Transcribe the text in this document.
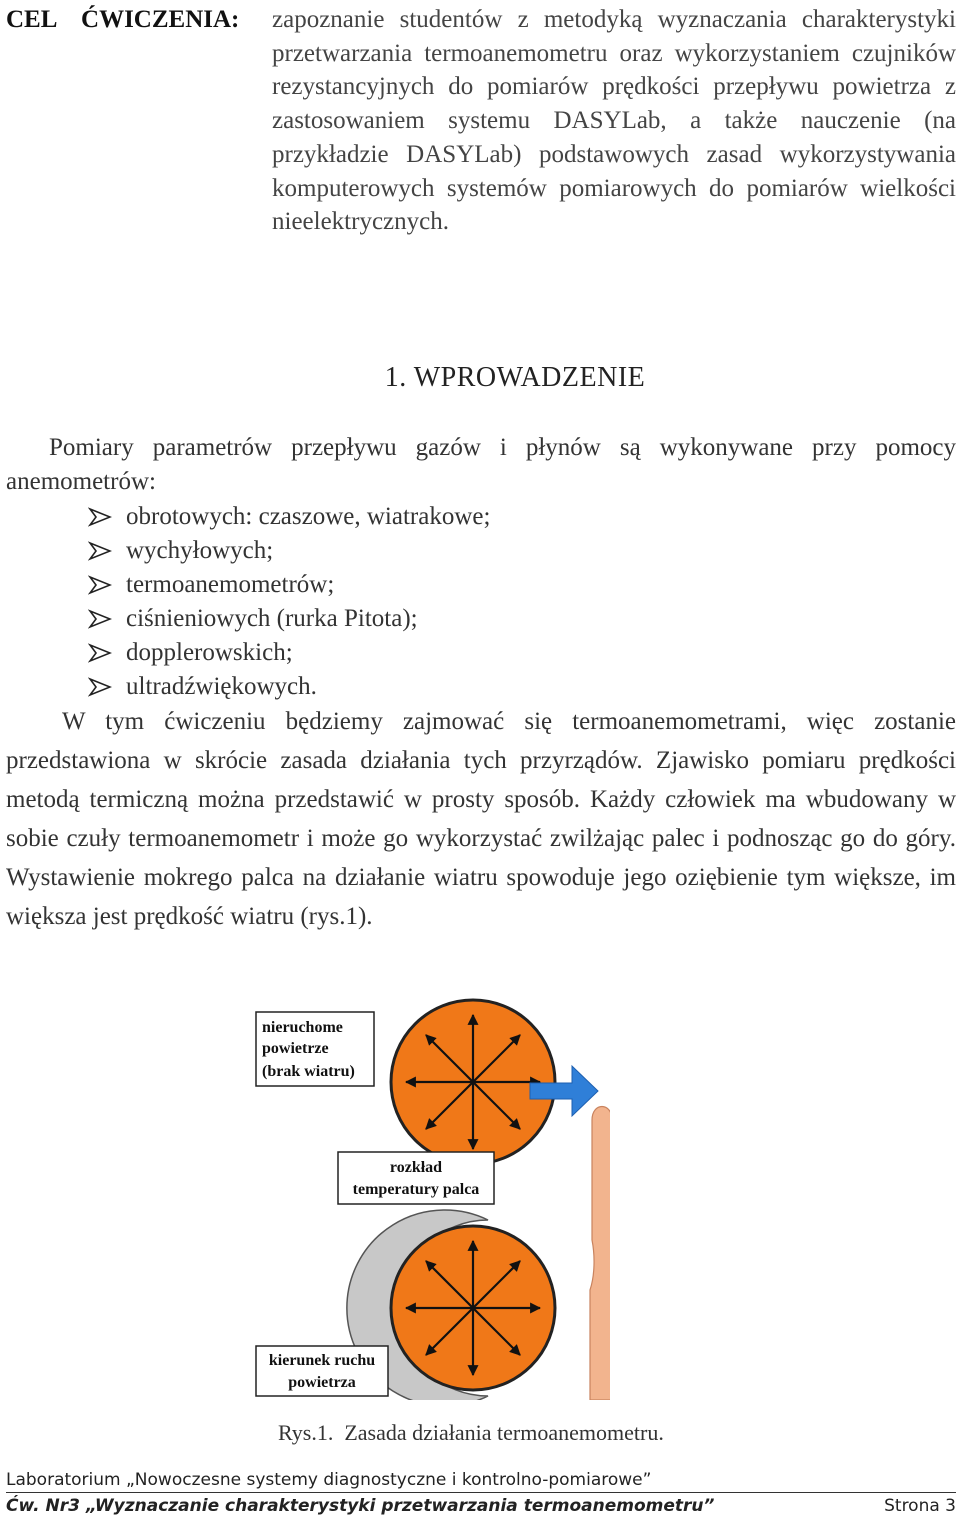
CEL    ĆWICZENIA: zapoznanie studentów z metodyką wyznaczania charakterystyki przetwarzania termoanemometru oraz wykorzystaniem czujników rezystancyjnych do pomiarów prędkości przepływu powietrza z zastosowaniem systemu DASYLab, a także nauczenie (na przykładzie DASYLab) podstawowych zasad wykorzystywania komputerowych systemów pomiarowych do pomiarów wielkości nieelektrycznych.
1. WPROWADZENIE
Pomiary parametrów przepływu gazów i płynów są wykonywane przy pomocy anemometrów:
obrotowych: czaszowe, wiatrakowe;
wychyłowych;
termoanemometrów;
ciśnieniowych (rurka Pitota);
dopplerowskich;
ultradźwiękowych.
W tym ćwiczeniu będziemy zajmować się termoanemometrami, więc zostanie przedstawiona w skrócie zasada działania tych przyrządów. Zjawisko pomiaru prędkości metodą termiczną można przedstawić w prosty sposób. Każdy człowiek ma wbudowany w sobie czuły termoanemometr i może go wykorzystać zwilżając palec i podnosząc go do góry. Wystawienie mokrego palca na działanie wiatru spowoduje jego oziębienie tym większe, im większa jest prędkość wiatru (rys.1).
nieruchome
powietrze
(brak wiatru)
rozkład
temperatury palca
kierunek ruchu
powietrza
Rys.1.  Zasada działania termoanemometru.
Laboratorium „Nowoczesne systemy diagnostyczne i kontrolno-pomiarowe”
Ćw. Nr3 „Wyznaczanie charakterystyki przetwarzania termoanemometru”	Strona 3
